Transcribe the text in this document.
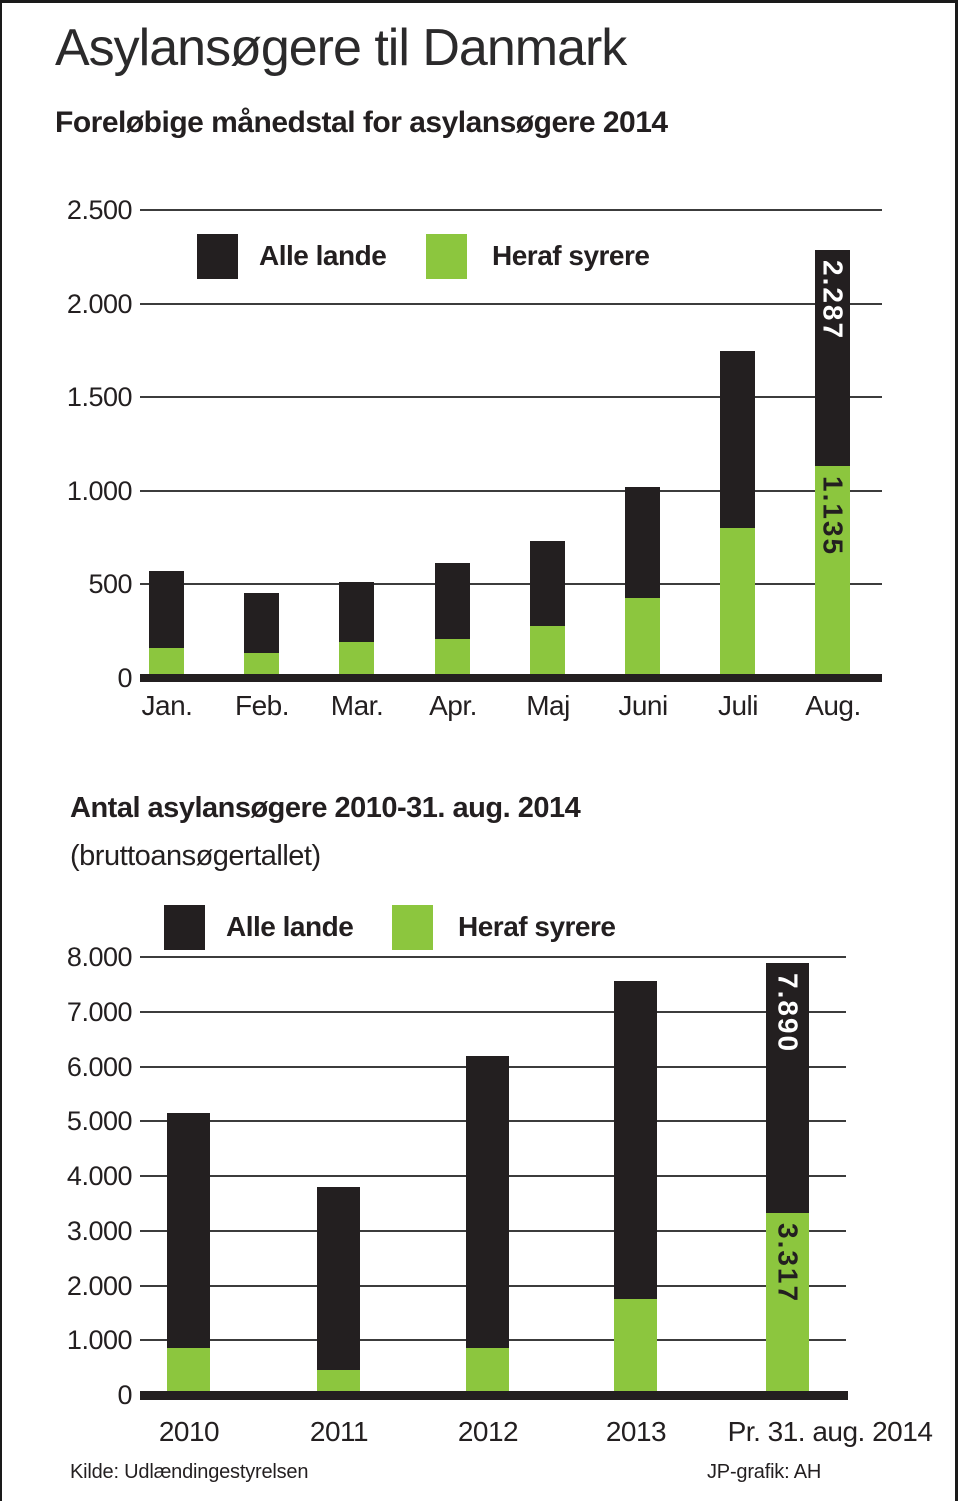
Asylansøgere til Danmark
Foreløbige månedstal for asylansøgere 2014
Alle lande	Heraf syrere
Antal asylansøgere 2010-31. aug. 2014
(bruttoansøgertallet)
Alle lande	Heraf syrere
Kilde: Udlændingestyrelsen	JP-grafik: AH
2.500
2.000
1.500
1.000
500
0
Jan.	Feb.	Mar.	Apr.	Maj	Juni	Juli	Aug.
2.287
1.135
8.000
7.000
6.000
5.000
4.000
3.000
2.000
1.000
0
2010	2011	2012	2013	Pr. 31. aug. 2014
7.890
3.317
